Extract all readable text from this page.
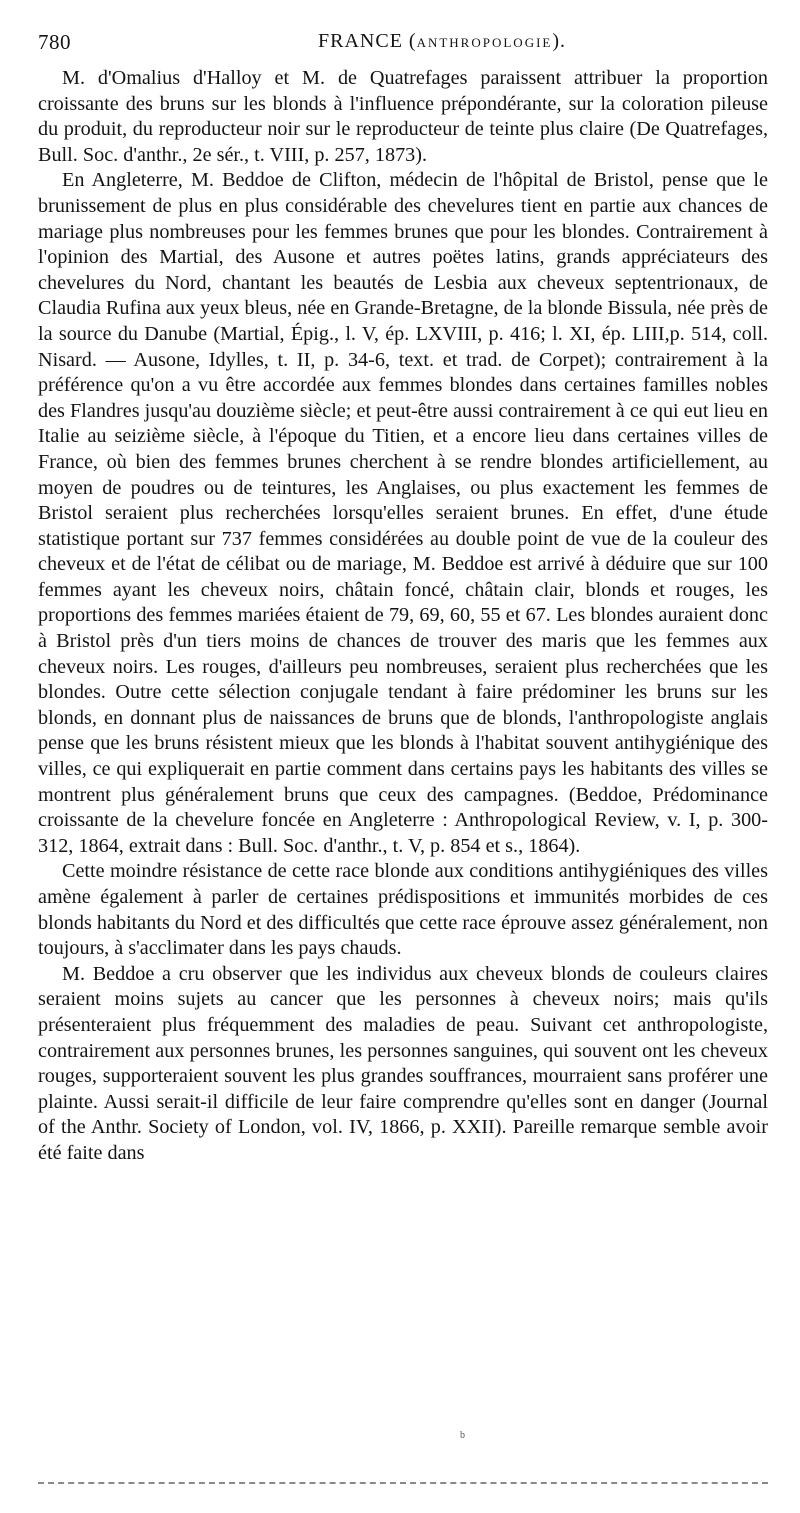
780	FRANCE (ANTHROPOLOGIE).

M. d'Omalius d'Halloy et M. de Quatrefages paraissent attribuer la proportion croissante des bruns sur les blonds à l'influence prépondérante, sur la coloration pileuse du produit, du reproducteur noir sur le reproducteur de teinte plus claire (De Quatrefages, Bull. Soc. d'anthr., 2e sér., t. VIII, p. 257, 1873).

En Angleterre, M. Beddoe de Clifton, médecin de l'hôpital de Bristol, pense que le brunissement de plus en plus considérable des chevelures tient en partie aux chances de mariage plus nombreuses pour les femmes brunes que pour les blondes. Contrairement à l'opinion des Martial, des Ausone et autres poëtes latins, grands appréciateurs des chevelures du Nord, chantant les beautés de Lesbia aux cheveux septentrionaux, de Claudia Rufina aux yeux bleus, née en Grande-Bretagne, de la blonde Bissula, née près de la source du Danube (Martial, Épig., l. V, ép. LXVIII, p. 416; l. XI, ép. LIII,p. 514, coll. Nisard. — Ausone, Idylles, t. II, p. 34-6, text. et trad. de Corpet); contrairement à la préférence qu'on a vu être accordée aux femmes blondes dans certaines familles nobles des Flandres jusqu'au douzième siècle; et peut-être aussi contrairement à ce qui eut lieu en Italie au seizième siècle, à l'époque du Titien, et a encore lieu dans certaines villes de France, où bien des femmes brunes cherchent à se rendre blondes artificiellement, au moyen de poudres ou de teintures, les Anglaises, ou plus exactement les femmes de Bristol seraient plus recherchées lorsqu'elles seraient brunes. En effet, d'une étude statistique portant sur 737 femmes considérées au double point de vue de la couleur des cheveux et de l'état de célibat ou de mariage, M. Beddoe est arrivé à déduire que sur 100 femmes ayant les cheveux noirs, châtain foncé, châtain clair, blonds et rouges, les proportions des femmes mariées étaient de 79, 69, 60, 55 et 67. Les blondes auraient donc à Bristol près d'un tiers moins de chances de trouver des maris que les femmes aux cheveux noirs. Les rouges, d'ailleurs peu nombreuses, seraient plus recherchées que les blondes. Outre cette sélection conjugale tendant à faire prédominer les bruns sur les blonds, en donnant plus de naissances de bruns que de blonds, l'anthropologiste anglais pense que les bruns résistent mieux que les blonds à l'habitat souvent antihygiénique des villes, ce qui expliquerait en partie comment dans certains pays les habitants des villes se montrent plus généralement bruns que ceux des campagnes. (Beddoe, Prédominance croissante de la chevelure foncée en Angleterre : Anthropological Review, v. I, p. 300-312, 1864, extrait dans : Bull. Soc. d'anthr., t. V, p. 854 et s., 1864).

Cette moindre résistance de cette race blonde aux conditions antihygiéniques des villes amène également à parler de certaines prédispositions et immunités morbides de ces blonds habitants du Nord et des difficultés que cette race éprouve assez généralement, non toujours, à s'acclimater dans les pays chauds.

M. Beddoe a cru observer que les individus aux cheveux blonds de couleurs claires seraient moins sujets au cancer que les personnes à cheveux noirs; mais qu'ils présenteraient plus fréquemment des maladies de peau. Suivant cet anthropologiste, contrairement aux personnes brunes, les personnes sanguines, qui souvent ont les cheveux rouges, supporteraient souvent les plus grandes souffrances, mourraient sans proférer une plainte. Aussi serait-il difficile de leur faire comprendre qu'elles sont en danger (Journal of the Anthr. Society of London, vol. IV, 1866, p. XXII). Pareille remarque semble avoir été faite dans

b
